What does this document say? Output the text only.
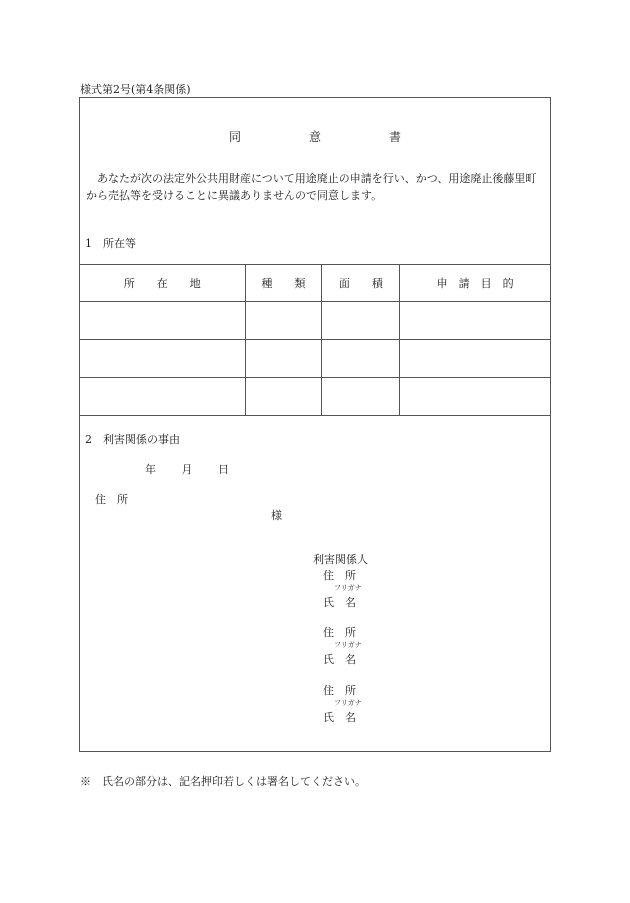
様式第2号(第4条関係)
同	意	書
あなたが次の法定外公共用財産について用途廃止の申請を行い、かつ、用途廃止後藤里町から売払等を受けることに異議ありませんので同意します。
1　所在等
所　　在　　地	種　　類	面　　積	申　請　目　的

2　利害関係の事由
年 月 日
住　所
様
利害関係人
住　所
フリガナ
氏　名
住　所
フリガナ
氏　名
住　所
フリガナ
氏　名
※　氏名の部分は、記名押印若しくは署名してください。
